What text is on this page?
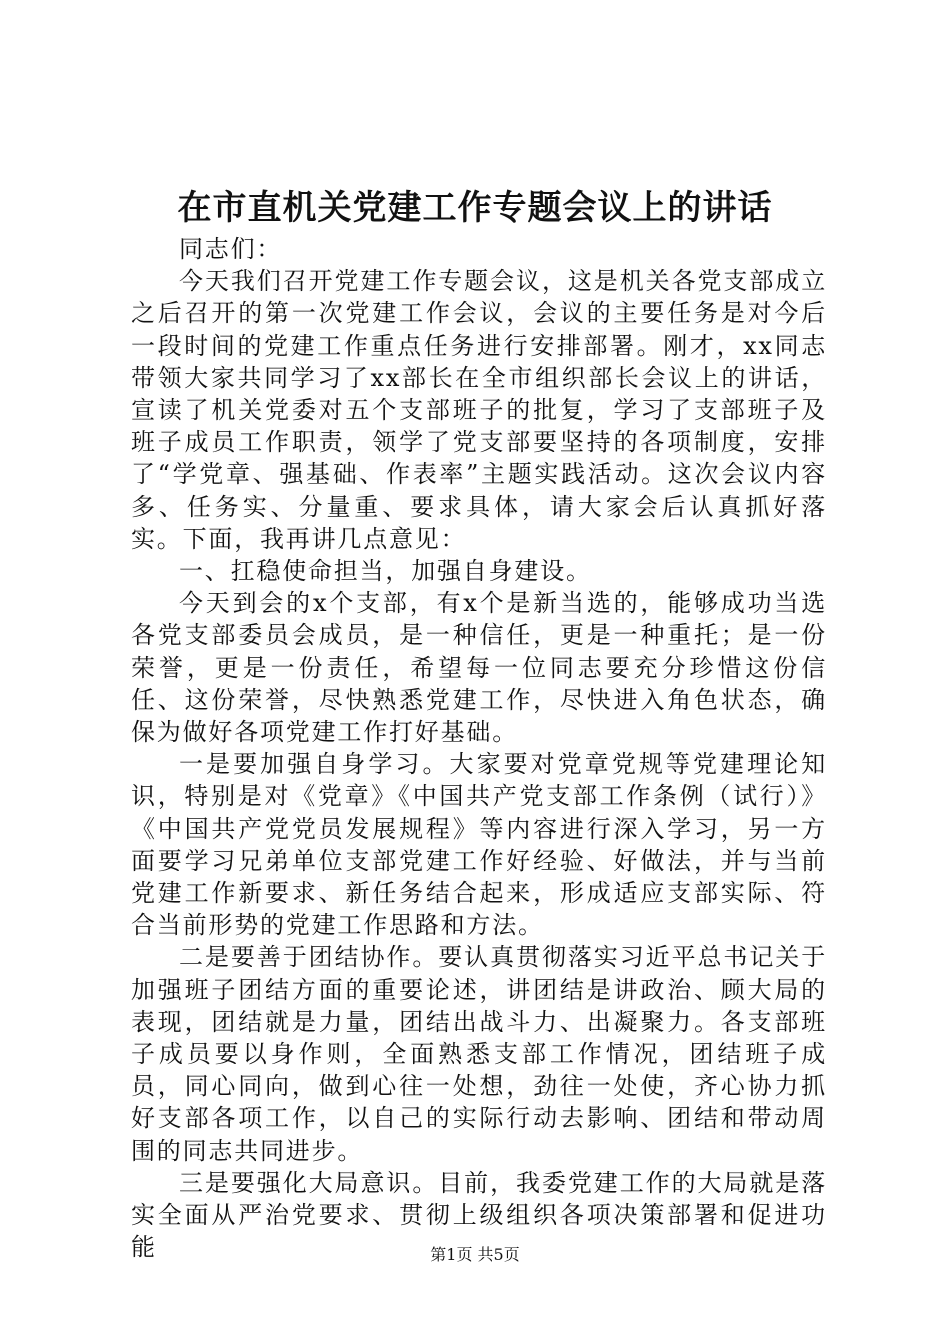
在市直机关党建工作专题会议上的讲话

同志们：

今天我们召开党建工作专题会议，这是机关各党支部成立之后召开的第一次党建工作会议，会议的主要任务是对今后一段时间的党建工作重点任务进行安排部署。刚才，xx同志带领大家共同学习了xx部长在全市组织部长会议上的讲话，宣读了机关党委对五个支部班子的批复，学习了支部班子及班子成员工作职责，领学了党支部要坚持的各项制度，安排了“学党章、强基础、作表率”主题实践活动。这次会议内容多、任务实、分量重、要求具体，请大家会后认真抓好落实。下面，我再讲几点意见：

一、扛稳使命担当，加强自身建设。

今天到会的x个支部，有x个是新当选的，能够成功当选各党支部委员会成员，是一种信任，更是一种重托；是一份荣誉，更是一份责任，希望每一位同志要充分珍惜这份信任、这份荣誉，尽快熟悉党建工作，尽快进入角色状态，确保为做好各项党建工作打好基础。

一是要加强自身学习。大家要对党章党规等党建理论知识，特别是对《党章》《中国共产党支部工作条例（试行）》《中国共产党党员发展规程》等内容进行深入学习，另一方面要学习兄弟单位支部党建工作好经验、好做法，并与当前党建工作新要求、新任务结合起来，形成适应支部实际、符合当前形势的党建工作思路和方法。

二是要善于团结协作。要认真贯彻落实习近平总书记关于加强班子团结方面的重要论述，讲团结是讲政治、顾大局的表现，团结就是力量，团结出战斗力、出凝聚力。各支部班子成员要以身作则，全面熟悉支部工作情况，团结班子成员，同心同向，做到心往一处想，劲往一处使，齐心协力抓好支部各项工作，以自己的实际行动去影响、团结和带动周围的同志共同进步。

三是要强化大局意识。目前，我委党建工作的大局就是落实全面从严治党要求、贯彻上级组织各项决策部署和促进功能	第1页 共5页
